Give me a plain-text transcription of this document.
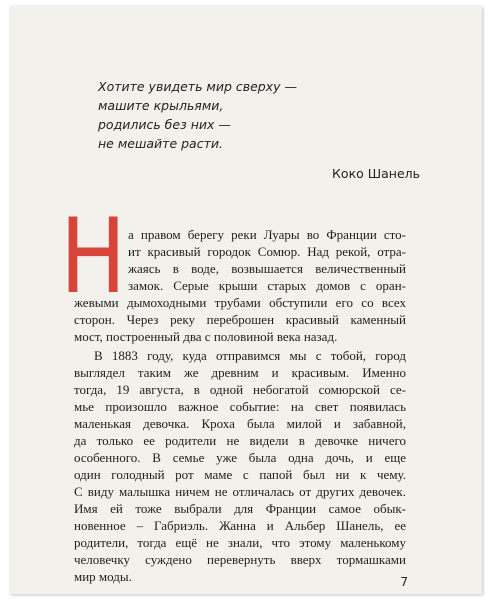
Хотите увидеть мир сверху —
машите крыльями,
родились без них —
не мешайте расти.
Коко Шанель
Н а правом берегу реки Луары во Франции сто-
ит красивый городок Сомюр. Над рекой, отра-
жаясь в воде, возвышается величественный
замок. Серые крыши старых домов с оран-
жевыми дымоходными трубами обступили его со всех
сторон. Через реку переброшен красивый каменный
мост, построенный два с половиной века назад.
В 1883 году, куда отправимся мы с тобой, город
выглядел таким же древним и красивым. Именно
тогда, 19 августа, в одной небогатой сомюрской се-
мье произошло важное событие: на свет появилась
маленькая девочка. Кроха была милой и забавной,
да только ее родители не видели в девочке ничего
особенного. В семье уже была одна дочь, и еще
один голодный рот маме с папой был ни к чему.
С виду малышка ничем не отличалась от других девочек.
Имя ей тоже выбрали для Франции самое обык-
новенное – Габриэль. Жанна и Альбер Шанель, ее
родители, тогда ещё не знали, что этому маленькому
человечку суждено перевернуть вверх тормашками
мир моды.	7
